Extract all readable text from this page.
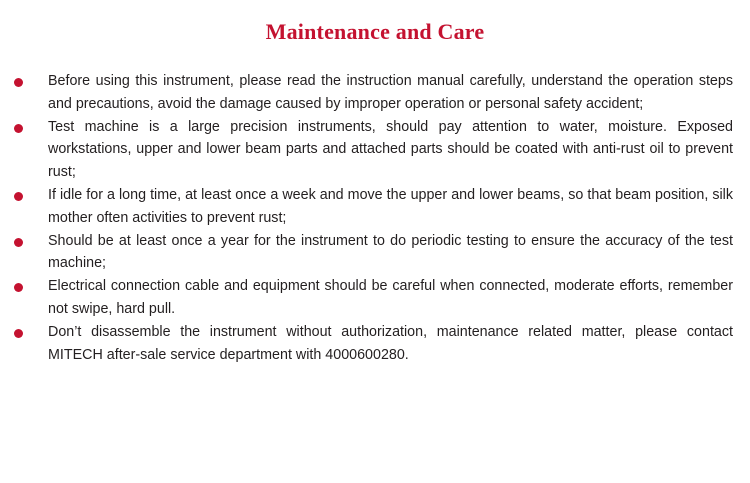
Maintenance and Care
Before using this instrument, please read the instruction manual carefully, understand the operation steps and precautions, avoid the damage caused by improper operation or personal safety accident;
Test machine is a large precision instruments, should pay attention to water, moisture. Exposed workstations, upper and lower beam parts and attached parts should be coated with anti-rust oil to prevent rust;
If idle for a long time, at least once a week and move the upper and lower beams, so that beam position, silk mother often activities to prevent rust;
Should be at least once a year for the instrument to do periodic testing to ensure the accuracy of the test machine;
Electrical connection cable and equipment should be careful when connected, moderate efforts, remember not swipe, hard pull.
Don’t disassemble the instrument without authorization, maintenance related matter, please contact MITECH after-sale service department with 4000600280.
